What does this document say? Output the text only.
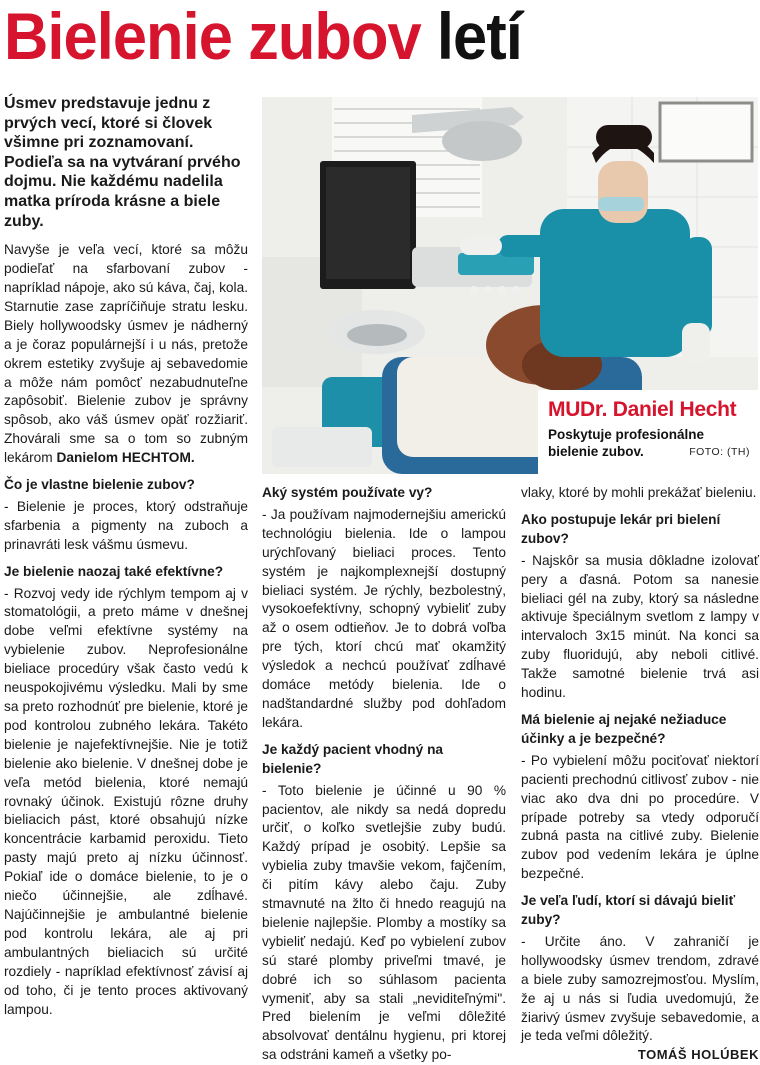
Bielenie zubov letí

Úsmev predstavuje jednu z prvých vecí, ktoré si človek všimne pri zoznamovaní. Podieľa sa na vytváraní prvého dojmu. Nie každému nadelila matka príroda krásne a biele zuby.

Navyše je veľa vecí, ktoré sa môžu podieľať na sfarbovaní zubov - napríklad nápoje, ako sú káva, čaj, kola. Starnutie zase zapríčiňuje stratu lesku. Biely hollywoodsky úsmev je nádherný a je čoraz populárnejší i u nás, pretože okrem estetiky zvyšuje aj sebavedomie a môže nám pomôcť nezabudnuteľne zapôsobiť. Bielenie zubov je správny spôsob, ako váš úsmev opäť rozžiariť. Zhovárali sme sa o tom so zubným lekárom Danielom HECHTOM.

Čo je vlastne bielenie zubov?

- Bielenie je proces, ktorý odstraňuje sfarbenia a pigmenty na zuboch a prinavráti lesk vášmu úsmevu.

Je bielenie naozaj také efektívne?

- Rozvoj vedy ide rýchlym tempom aj v stomatológii, a preto máme v dnešnej dobe veľmi efektívne systémy na vybielenie zubov. Neprofesionálne bieliace procedúry však často vedú k neuspokojivému výsledku. Mali by sme sa preto rozhodnúť pre bielenie, ktoré je pod kontrolou zubného lekára. Takéto bielenie je najefektívnejšie. Nie je totiž bielenie ako bielenie. V dnešnej dobe je veľa metód bielenia, ktoré nemajú rovnaký účinok. Existujú rôzne druhy bieliacich pást, ktoré obsahujú nízke koncentrácie karbamid peroxidu. Tieto pasty majú preto aj nízku účinnosť. Pokiaľ ide o domáce bielenie, to je o niečo účinnejšie, ale zdĺhavé. Najúčinnejšie je ambulantné bielenie pod kontrolu lekára, ale aj pri ambulantných bieliacich sú určité rozdiely - napríklad efektívnosť závisí aj od toho, či je tento proces aktivovaný lampou.

MUDr. Daniel Hecht
Poskytuje profesionálne bielenie zubov.	FOTO: (TH)

Aký systém používate vy?

- Ja používam najmodernejšiu americkú technológiu bielenia. Ide o lampou urýchľovaný bieliaci proces. Tento systém je najkomplexnejší dostupný bieliaci systém. Je rýchly, bezbolestný, vysokoefektívny, schopný vybieliť zuby až o osem odtieňov. Je to dobrá voľba pre tých, ktorí chcú mať okamžitý výsledok a nechcú používať zdĺhavé domáce metódy bielenia. Ide o nadštandardné služby pod dohľadom lekára.

Je každý pacient vhodný na bielenie?

- Toto bielenie je účinné u 90 % pacientov, ale nikdy sa nedá dopredu určiť, o koľko svetlejšie zuby budú. Každý prípad je osobitý. Lepšie sa vybielia zuby tmavšie vekom, fajčením, či pitím kávy alebo čaju. Zuby stmavnuté na žlto či hnedo reagujú na bielenie najlepšie. Plomby a mostíky sa vybieliť nedajú. Keď po vybielení zubov sú staré plomby priveľmi tmavé, je dobré ich so súhlasom pacienta vymeniť, aby sa stali „neviditeľnými". Pred bielením je veľmi dôležité absolvovať dentálnu hygienu, pri ktorej sa odstráni kameň a všetky po-

vlaky, ktoré by mohli prekážať bieleniu.

Ako postupuje lekár pri bielení zubov?

- Najskôr sa musia dôkladne izolovať pery a ďasná. Potom sa nanesie bieliaci gél na zuby, ktorý sa následne aktivuje špeciálnym svetlom z lampy v intervaloch 3x15 minút. Na konci sa zuby fluoridujú, aby neboli citlivé. Takže samotné bielenie trvá asi hodinu.

Má bielenie aj nejaké nežiaduce účinky a je bezpečné?

- Po vybielení môžu pociťovať niektorí pacienti prechodnú citlivosť zubov - nie viac ako dva dni po procedúre. V prípade potreby sa vtedy odporučí zubná pasta na citlivé zuby. Bielenie zubov pod vedením lekára je úplne bezpečné.

Je veľa ľudí, ktorí si dávajú bieliť zuby?

- Určite áno. V zahraničí je hollywoodsky úsmev trendom, zdravé a biele zuby samozrejmosťou. Myslím, že aj u nás si ľudia uvedomujú, že žiarivý úsmev zvyšuje sebavedomie, a je teda veľmi dôležitý.
TOMÁŠ HOLÚBEK
